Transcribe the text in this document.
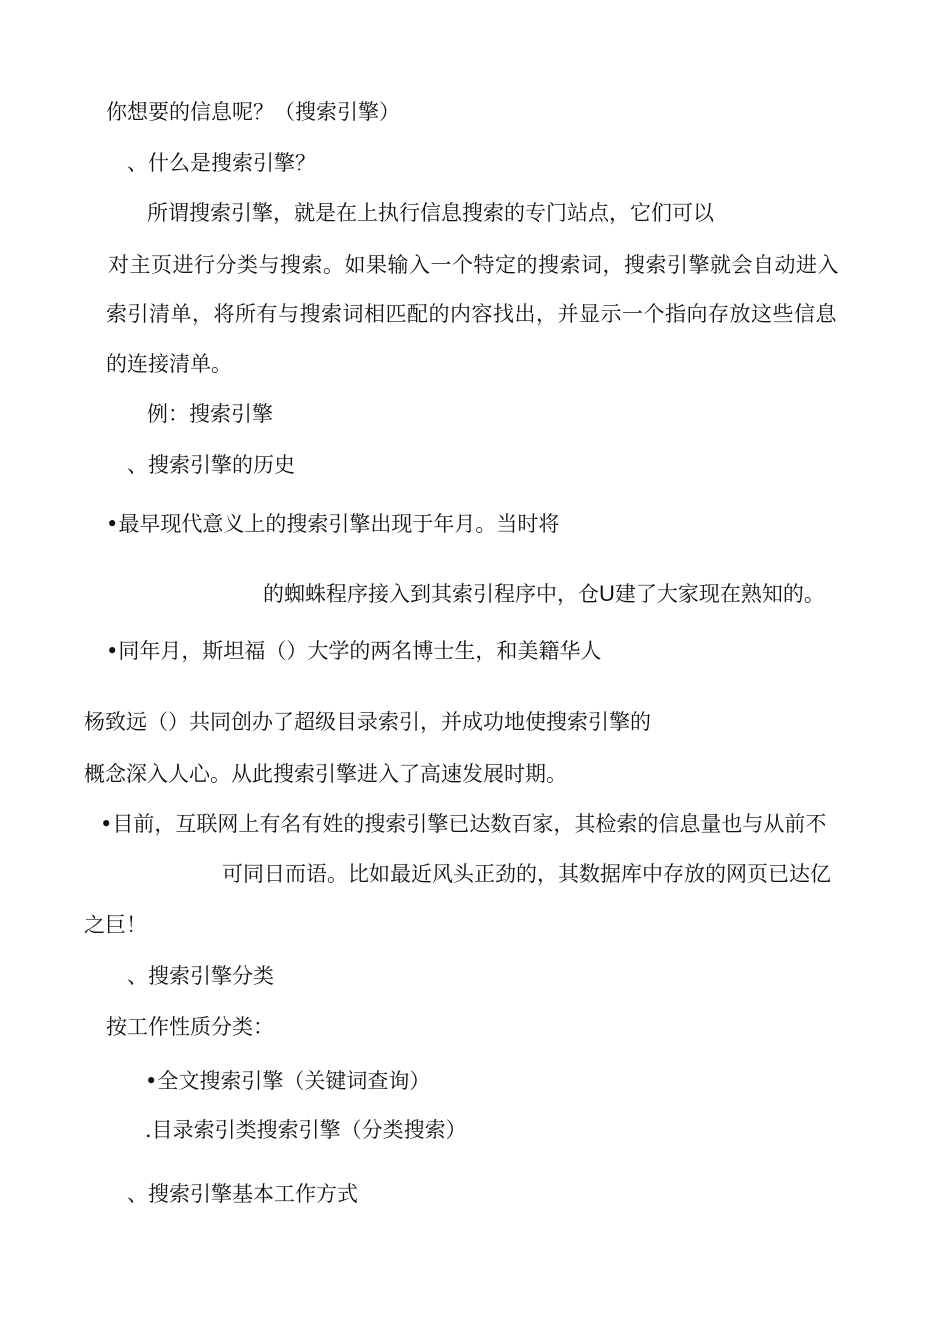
你想要的信息呢？（搜索引擎）
、什么是搜索引擎？
所谓搜索引擎，就是在上执行信息搜索的专门站点，它们可以
对主页进行分类与搜索。如果输入一个特定的搜索词，搜索引擎就会自动进入
索引清单，将所有与搜索词相匹配的内容找出，并显示一个指向存放这些信息
的连接清单。
例：搜索引擎
、搜索引擎的历史
•最早现代意义上的搜索引擎出现于年月。当时将
的蜘蛛程序接入到其索引程序中，仓U建了大家现在熟知的。
•同年月，斯坦福（）大学的两名博士生，和美籍华人
杨致远（）共同创办了超级目录索引，并成功地使搜索引擎的
概念深入人心。从此搜索引擎进入了高速发展时期。
•目前，互联网上有名有姓的搜索引擎已达数百家，其检索的信息量也与从前不
可同日而语。比如最近风头正劲的，其数据库中存放的网页已达亿
之巨！
、搜索引擎分类
按工作性质分类：
•全文搜索引擎（关键词查询）
.目录索引类搜索引擎（分类搜索）
、搜索引擎基本工作方式
